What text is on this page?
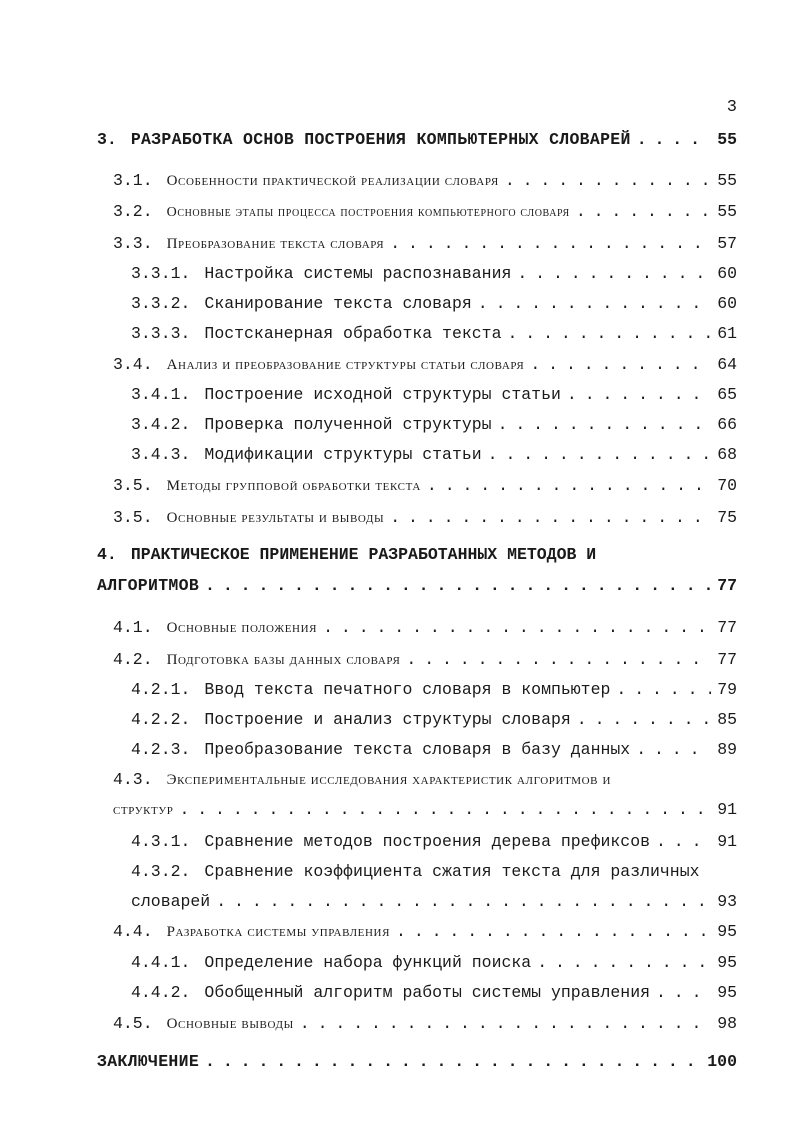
3
3. РАЗРАБОТКА ОСНОВ ПОСТРОЕНИЯ КОМПЬЮТЕРНЫХ СЛОВАРЕЙ . . .	55
3.1. Особенности практической реализации словаря . . .	55
3.2. Основные этапы процесса построения компьютерного словаря . . .	55
3.3. Преобразование текста словаря . . .	57
3.3.1. Настройка системы распознавания . . .	60
3.3.2. Сканирование текста словаря . . .	60
3.3.3. Постсканерная обработка текста . . .	61
3.4. Анализ и преобразование структуры статьи словаря . . .	64
3.4.1. Построение исходной структуры статьи . . .	65
3.4.2. Проверка полученной структуры . . .	66
3.4.3. Модификации структуры статьи . . .	68
3.5. Методы групповой обработки текста . . .	70
3.5. Основные результаты и выводы . . .	75
4. ПРАКТИЧЕСКОЕ ПРИМЕНЕНИЕ РАЗРАБОТАННЫХ МЕТОДОВ И
АЛГОРИТМОВ . . .	77
4.1. Основные положения . . .	77
4.2. Подготовка базы данных словаря . . .	77
4.2.1. Ввод текста печатного словаря в компьютер . . .	79
4.2.2. Построение и анализ структуры словаря . . .	85
4.2.3. Преобразование текста словаря в базу данных . . .	89
4.3. Экспериментальные исследования характеристик алгоритмов и
структур . . .	91
4.3.1. Сравнение методов построения дерева префиксов . . .	91
4.3.2. Сравнение коэффициента сжатия текста для различных
словарей . . .	93
4.4. Разработка системы управления . . .	95
4.4.1. Определение набора функций поиска . . .	95
4.4.2. Обобщенный алгоритм работы системы управления . . .	95
4.5. Основные выводы . . .	98
ЗАКЛЮЧЕНИЕ . . .	100
